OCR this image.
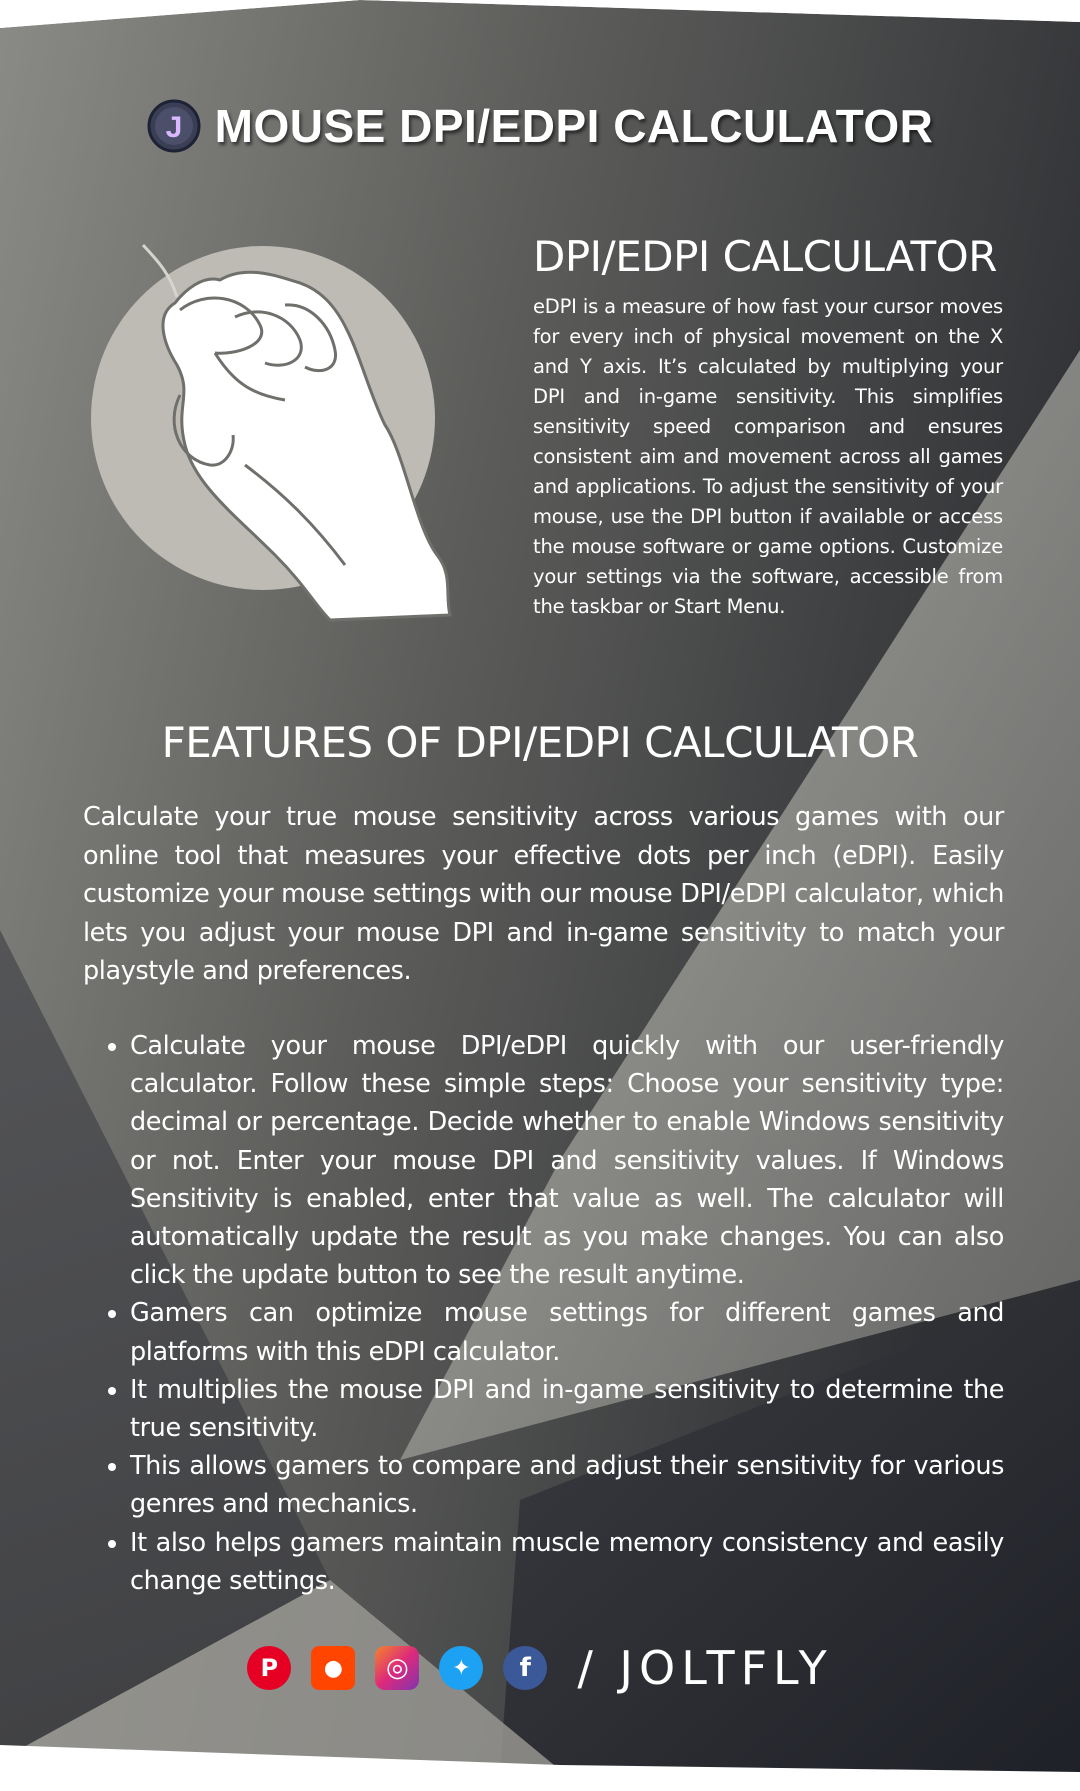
J MOUSE DPI/EDPI CALCULATOR
DPI/EDPI CALCULATOR
eDPI is a measure of how fast your cursor moves for every inch of physical movement on the X and Y axis. It’s calculated by multiplying your DPI and in-game sensitivity. This simplifies sensitivity speed comparison and ensures consistent aim and movement across all games and applications. To adjust the sensitivity of your mouse, use the DPI button if available or access the mouse software or game options. Customize your settings via the software, accessible from the taskbar or Start Menu.
FEATURES OF DPI/EDPI CALCULATOR
Calculate your true mouse sensitivity across various games with our online tool that measures your effective dots per inch (eDPI). Easily customize your mouse settings with our mouse DPI/eDPI calculator, which lets you adjust your mouse DPI and in-game sensitivity to match your playstyle and preferences.
• Calculate your mouse DPI/eDPI quickly with our user-friendly calculator. Follow these simple steps: Choose your sensitivity type: decimal or percentage. Decide whether to enable Windows sensitivity or not. Enter your mouse DPI and sensitivity values. If Windows Sensitivity is enabled, enter that value as well. The calculator will automatically update the result as you make changes. You can also click the update button to see the result anytime.
• Gamers can optimize mouse settings for different games and platforms with this eDPI calculator.
• It multiplies the mouse DPI and in-game sensitivity to determine the true sensitivity.
• This allows gamers to compare and adjust their sensitivity for various genres and mechanics.
• It also helps gamers maintain muscle memory consistency and easily change settings.
P ● ◎ ✦ f / JOLTFLY
